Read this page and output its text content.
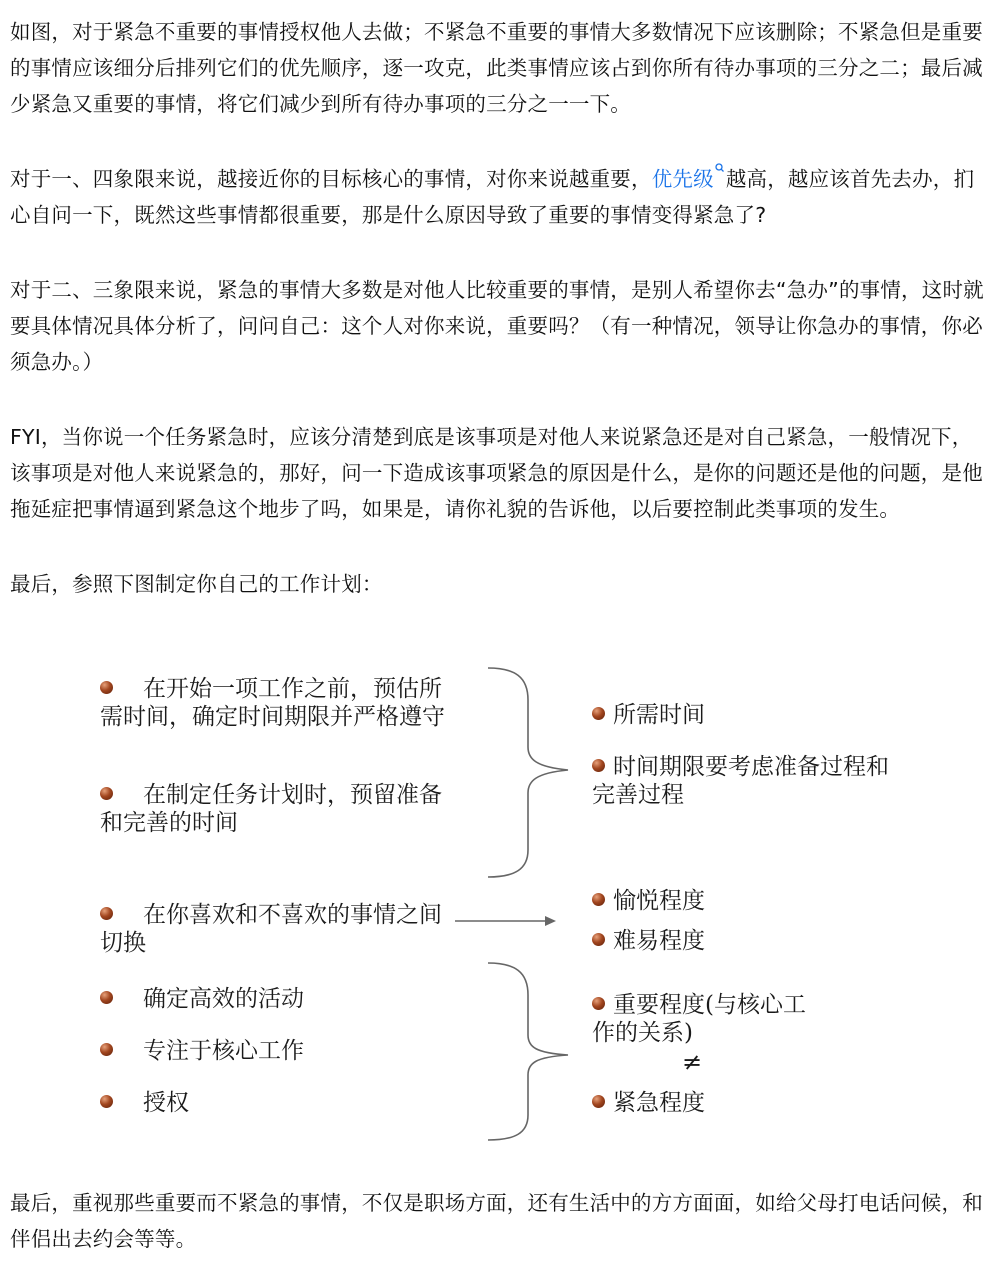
如图，对于紧急不重要的事情授权他人去做；不紧急不重要的事情大多数情况下应该删除；不紧急但是重要的事情应该细分后排列它们的优先顺序，逐一攻克，此类事情应该占到你所有待办事项的三分之二；最后减少紧急又重要的事情，将它们减少到所有待办事项的三分之一一下。

对于一、四象限来说，越接近你的目标核心的事情，对你来说越重要，优先级 越高，越应该首先去办，扪心自问一下，既然这些事情都很重要，那是什么原因导致了重要的事情变得紧急了?

对于二、三象限来说，紧急的事情大多数是对他人比较重要的事情，是别人希望你去“急办”的事情，这时就要具体情况具体分析了，问问自己：这个人对你来说，重要吗？（有一种情况，领导让你急办的事情，你必须急办。）

FYI，当你说一个任务紧急时，应该分清楚到底是该事项是对他人来说紧急还是对自己紧急，一般情况下，该事项是对他人来说紧急的，那好，问一下造成该事项紧急的原因是什么，是你的问题还是他的问题，是他拖延症把事情逼到紧急这个地步了吗，如果是，请你礼貌的告诉他，以后要控制此类事项的发生。

最后，参照下图制定你自己的工作计划：

在开始一项工作之前，预估所需时间，确定时间期限并严格遵守
在制定任务计划时，预留准备和完善的时间
在你喜欢和不喜欢的事情之间切换
确定高效的活动
专注于核心工作
授权
所需时间
时间期限要考虑准备过程和完善过程
愉悦程度
难易程度
重要程度(与核心工作的关系)
≠
紧急程度

最后，重视那些重要而不紧急的事情，不仅是职场方面，还有生活中的方方面面，如给父母打电话问候，和伴侣出去约会等等。
